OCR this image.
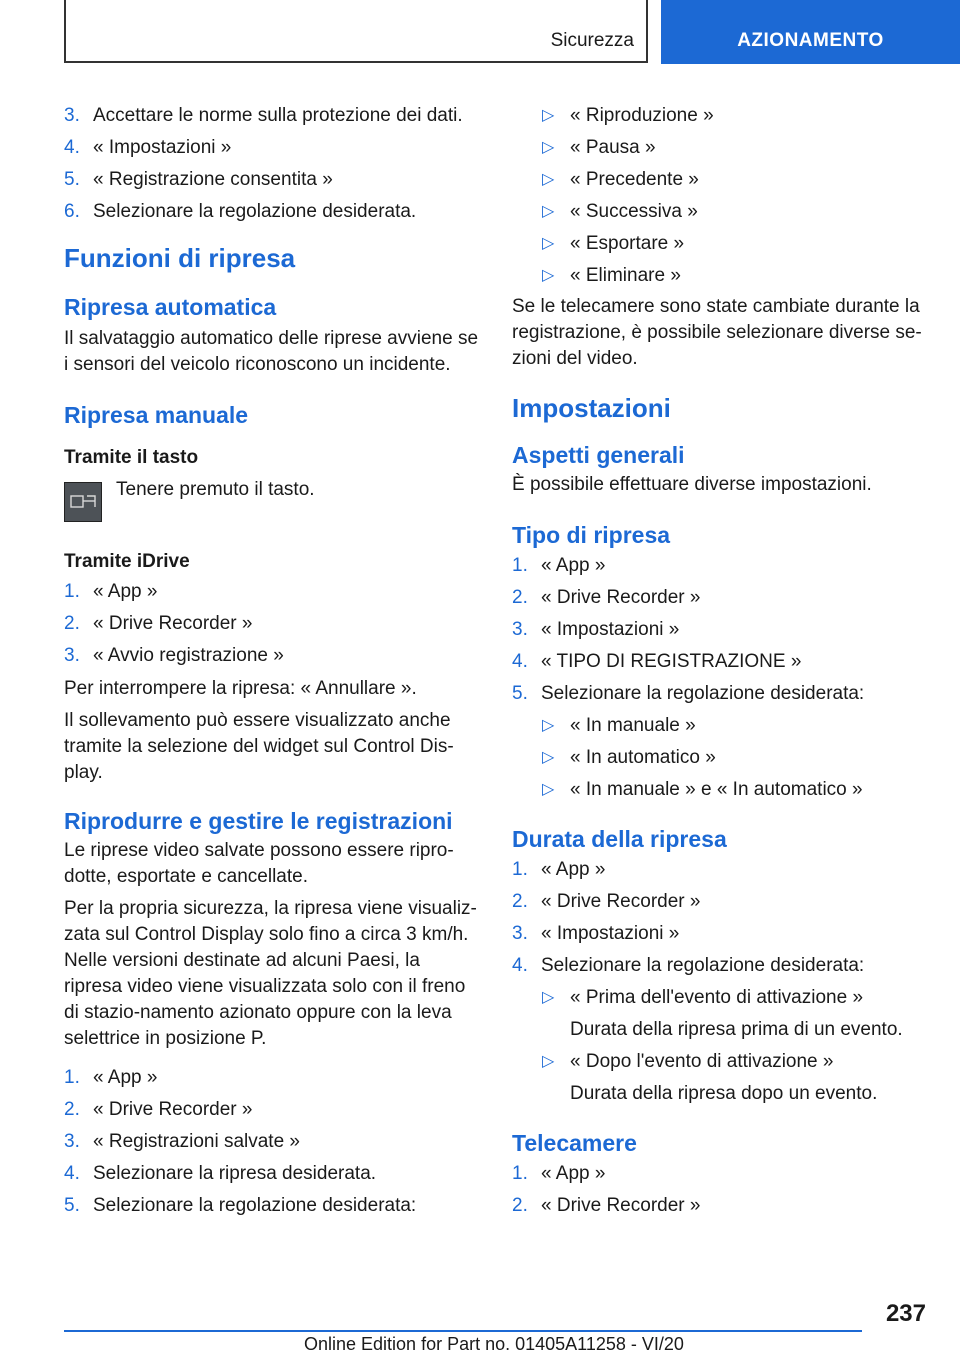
Sicurezza	AZIONAMENTO
3. Accettare le norme sulla protezione dei dati.
4. « Impostazioni »
5. « Registrazione consentita »
6. Selezionare la regolazione desiderata.
Funzioni di ripresa
Ripresa automatica

Il salvataggio automatico delle riprese avviene se i sensori del veicolo riconoscono un incidente.

Ripresa manuale
Tramite il tasto
Tenere premuto il tasto.
Tramite iDrive
1. « App »
2. « Drive Recorder »
3. « Avvio registrazione »

Per interrompere la ripresa: « Annullare ».

Il sollevamento può essere visualizzato anche tramite la selezione del widget sul Control Dis-play.

Riprodurre e gestire le registrazioni

Le riprese video salvate possono essere ripro-dotte, esportate e cancellate.

Per la propria sicurezza, la ripresa viene visualiz-zata sul Control Display solo fino a circa 3 km/h. Nelle versioni destinate ad alcuni Paesi, la ripresa video viene visualizzata solo con il freno di stazio-namento azionato oppure con la leva selettrice in posizione P.

1. « App »
2. « Drive Recorder »
3. « Registrazioni salvate »
4. Selezionare la ripresa desiderata.
5. Selezionare la regolazione desiderata:
▷ « Riproduzione »
▷ « Pausa »
▷ « Precedente »
▷ « Successiva »
▷ « Esportare »
▷ « Eliminare »

Se le telecamere sono state cambiate durante la registrazione, è possibile selezionare diverse se-zioni del video.

Impostazioni
Aspetti generali

È possibile effettuare diverse impostazioni.

Tipo di ripresa
1. « App »
2. « Drive Recorder »
3. « Impostazioni »
4. « TIPO DI REGISTRAZIONE »
5. Selezionare la regolazione desiderata:
▷ « In manuale »
▷ « In automatico »
▷ « In manuale » e « In automatico »
Durata della ripresa
1. « App »
2. « Drive Recorder »
3. « Impostazioni »
4. Selezionare la regolazione desiderata:
▷ « Prima dell'evento di attivazione »
Durata della ripresa prima di un evento.
▷ « Dopo l'evento di attivazione »
Durata della ripresa dopo un evento.
Telecamere
1. « App »
2. « Drive Recorder »
237
Online Edition for Part no. 01405A11258 - VI/20
